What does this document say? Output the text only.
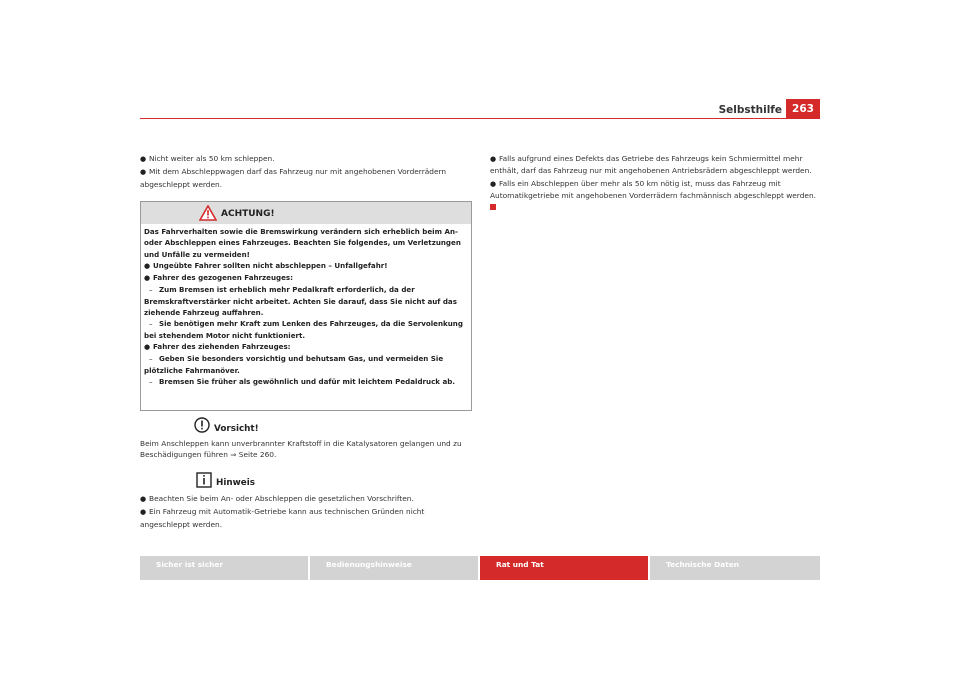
Selbsthilfe 263

● Nicht weiter als 50 km schleppen.

● Mit dem Abschleppwagen darf das Fahrzeug nur mit angehobenen Vorderrädern abgeschleppt werden.

ACHTUNG!

Das Fahrverhalten sowie die Bremswirkung verändern sich erheblich beim An- oder Abschleppen eines Fahrzeuges. Beachten Sie folgendes, um Verletzungen und Unfälle zu vermeiden!

● Ungeübte Fahrer sollten nicht abschleppen – Unfallgefahr!

● Fahrer des gezogenen Fahrzeuges:

– Zum Bremsen ist erheblich mehr Pedalkraft erforderlich, da der Bremskraftverstärker nicht arbeitet. Achten Sie darauf, dass Sie nicht auf das ziehende Fahrzeug auffahren.

– Sie benötigen mehr Kraft zum Lenken des Fahrzeuges, da die Servolenkung bei stehendem Motor nicht funktioniert.

● Fahrer des ziehenden Fahrzeuges:

– Geben Sie besonders vorsichtig und behutsam Gas, und vermeiden Sie plötzliche Fahrmanöver.

– Bremsen Sie früher als gewöhnlich und dafür mit leichtem Pedaldruck ab.

Vorsicht!
Beim Anschleppen kann unverbrannter Kraftstoff in die Katalysatoren gelangen und zu Beschädigungen führen ⇒ Seite 260.
Hinweis

● Beachten Sie beim An- oder Abschleppen die gesetzlichen Vorschriften.

● Ein Fahrzeug mit Automatik-Getriebe kann aus technischen Gründen nicht angeschleppt werden.

● Falls aufgrund eines Defekts das Getriebe des Fahrzeugs kein Schmiermittel mehr enthält, darf das Fahrzeug nur mit angehobenen Antriebsrädern abgeschleppt werden.

● Falls ein Abschleppen über mehr als 50 km nötig ist, muss das Fahrzeug mit Automatikgetriebe mit angehobenen Vorderrädern fachmännisch abgeschleppt werden.

Sicher ist sicher	Bedienungshinweise	Rat und Tat	Technische Daten
